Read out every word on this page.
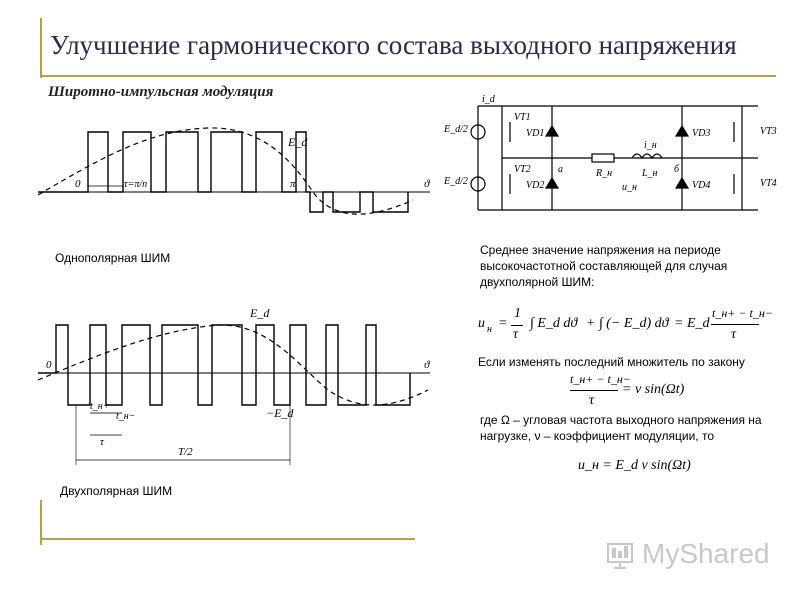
Улучшение гармонического состава выходного напряжения
Широтно-импульсная модуляция
0	τ=π/n	π	ϑ
E_d
Однополярная ШИМ
0	ϑ
E_d
−E_d
t_н+
t_н−
τ
T/2
Двухполярная ШИМ
i_d
VT1
VT2
VT3
VT4
VD1
VD2
VD3
VD4
E_d/2
E_d/2
i_н
R_н	L_н
u_н
a	б
Среднее значение напряжения на периоде высокочастотной составляющей для случая двухполярной ШИМ:
u н =
1
τ
∫ E_d dϑ + ∫ (− E_d) dϑ = E_d
t_н+ − t_н−
τ
Если изменять последний множитель по закону
t_н+ − t_н−
τ
= ν sin(Ωt)
где Ω – угловая частота выходного напряжения на нагрузке, ν – коэффициент модуляции, то
u_н = E_d ν sin(Ωt)
MyShared
